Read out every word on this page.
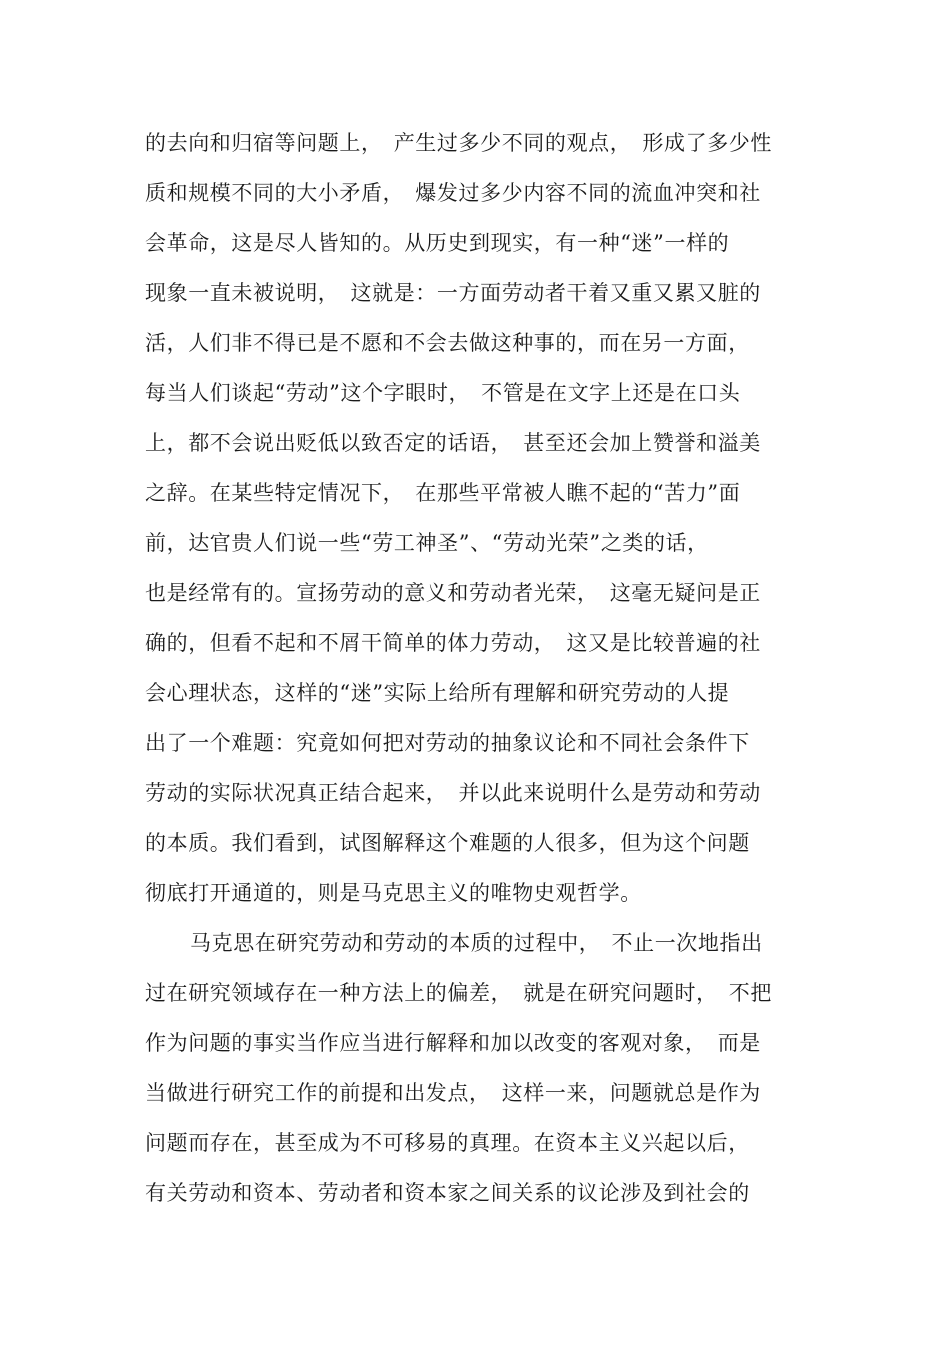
的去向和归宿等问题上，　产生过多少不同的观点，　形成了多少性

质和规模不同的大小矛盾，　爆发过多少内容不同的流血冲突和社

会革命，这是尽人皆知的。从历史到现实，有一种“迷”一样的

现象一直未被说明，　这就是：一方面劳动者干着又重又累又脏的

活，人们非不得已是不愿和不会去做这种事的，而在另一方面，

每当人们谈起“劳动”这个字眼时，　不管是在文字上还是在口头

上，都不会说出贬低以致否定的话语，　甚至还会加上赞誉和溢美

之辞。在某些特定情况下，　在那些平常被人瞧不起的“苦力”面

前，达官贵人们说一些“劳工神圣”、“劳动光荣”之类的话，

也是经常有的。宣扬劳动的意义和劳动者光荣，　这毫无疑问是正

确的，但看不起和不屑干简单的体力劳动，　这又是比较普遍的社

会心理状态，这样的“迷”实际上给所有理解和研究劳动的人提

出了一个难题：究竟如何把对劳动的抽象议论和不同社会条件下

劳动的实际状况真正结合起来，　并以此来说明什么是劳动和劳动

的本质。我们看到，试图解释这个难题的人很多，但为这个问题

彻底打开通道的，则是马克思主义的唯物史观哲学。

马克思在研究劳动和劳动的本质的过程中，　不止一次地指出

过在研究领域存在一种方法上的偏差，　就是在研究问题时，　不把

作为问题的事实当作应当进行解释和加以改变的客观对象，　而是

当做进行研究工作的前提和出发点，　这样一来，问题就总是作为

问题而存在，甚至成为不可移易的真理。在资本主义兴起以后，

有关劳动和资本、劳动者和资本家之间关系的议论涉及到社会的
